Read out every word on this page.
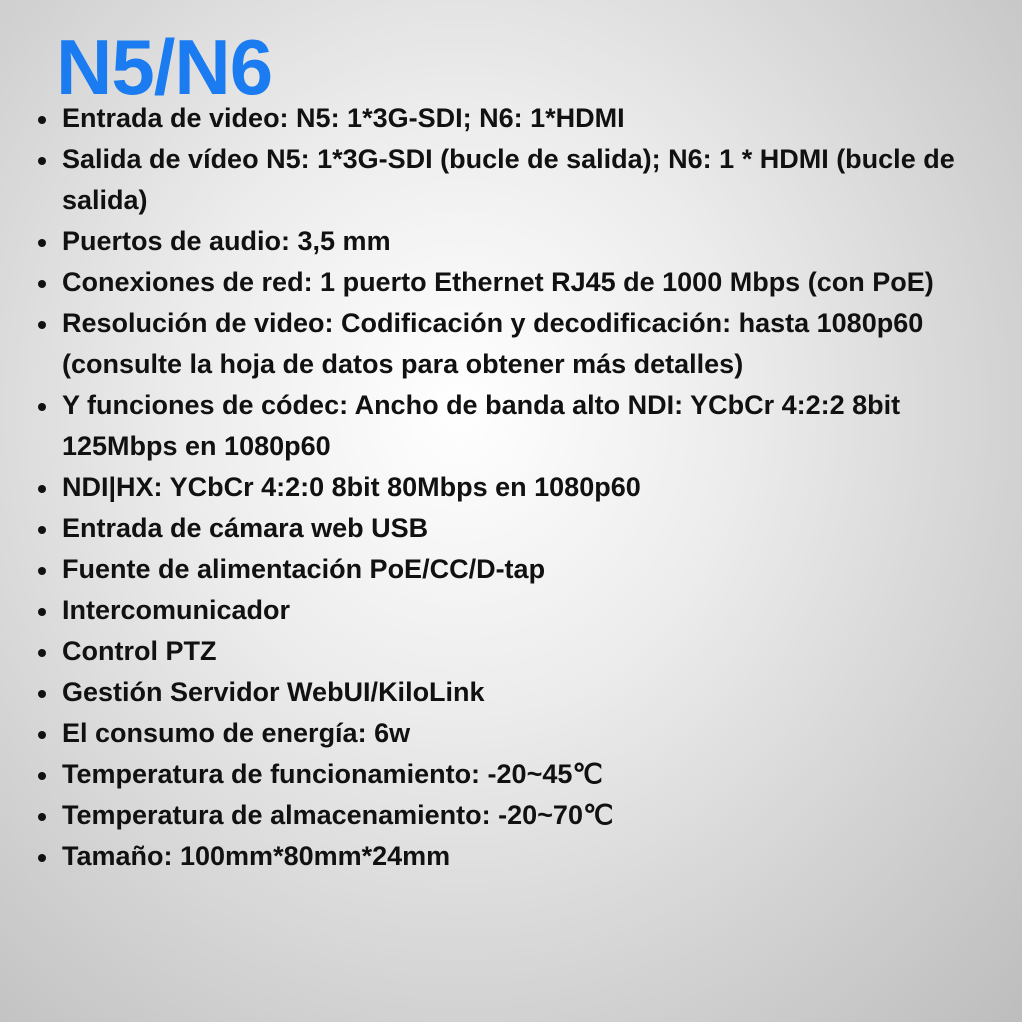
N5/N6
Entrada de video: N5: 1*3G-SDI; N6: 1*HDMI
Salida de vídeo N5: 1*3G-SDI (bucle de salida); N6: 1 * HDMI (bucle de salida)
Puertos de audio: 3,5 mm
Conexiones de red: 1 puerto Ethernet RJ45 de 1000 Mbps (con PoE)
Resolución de video: Codificación y decodificación: hasta 1080p60 (consulte la hoja de datos para obtener más detalles)
Y funciones de códec: Ancho de banda alto NDI: YCbCr 4:2:2 8bit 125Mbps en 1080p60
NDI|HX: YCbCr 4:2:0 8bit 80Mbps en 1080p60
Entrada de cámara web USB
Fuente de alimentación PoE/CC/D-tap
Intercomunicador
Control PTZ
Gestión Servidor WebUI/KiloLink
El consumo de energía: 6w
Temperatura de funcionamiento: -20~45℃
Temperatura de almacenamiento: -20~70℃
Tamaño: 100mm*80mm*24mm
